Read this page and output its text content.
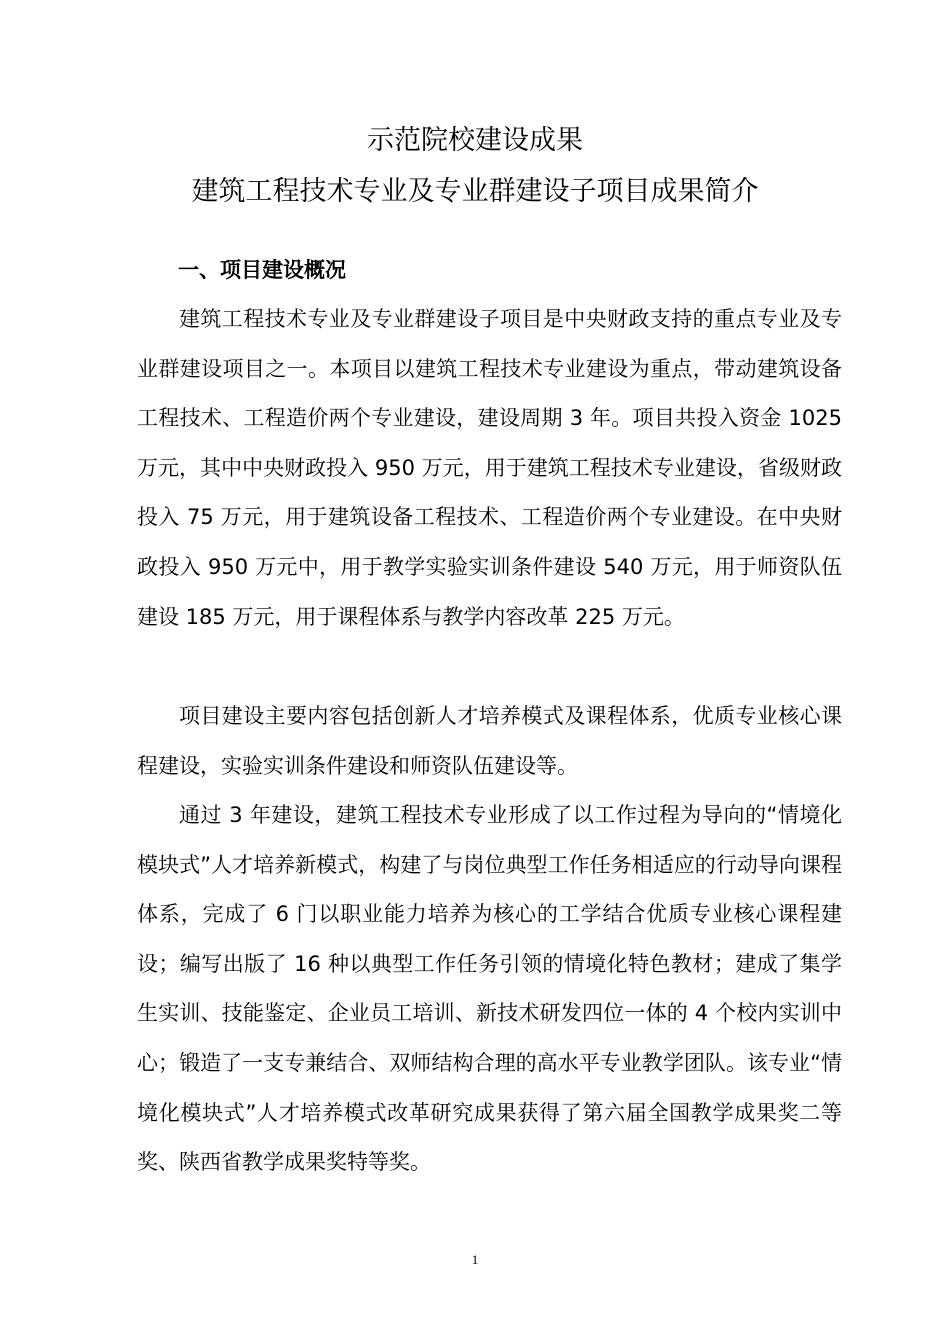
示范院校建设成果
建筑工程技术专业及专业群建设子项目成果简介
一、项目建设概况

建筑工程技术专业及专业群建设子项目是中央财政支持的重点专业及专业群建设项目之一。本项目以建筑工程技术专业建设为重点，带动建筑设备工程技术、工程造价两个专业建设，建设周期 3 年。项目共投入资金 1025 万元，其中中央财政投入 950 万元，用于建筑工程技术专业建设，省级财政投入 75 万元，用于建筑设备工程技术、工程造价两个专业建设。在中央财政投入 950 万元中，用于教学实验实训条件建设 540 万元，用于师资队伍建设 185 万元，用于课程体系与教学内容改革 225 万元。

项目建设主要内容包括创新人才培养模式及课程体系，优质专业核心课程建设，实验实训条件建设和师资队伍建设等。

通过 3 年建设，建筑工程技术专业形成了以工作过程为导向的“情境化模块式”人才培养新模式，构建了与岗位典型工作任务相适应的行动导向课程体系，完成了 6 门以职业能力培养为核心的工学结合优质专业核心课程建设；编写出版了 16 种以典型工作任务引领的情境化特色教材；建成了集学生实训、技能鉴定、企业员工培训、新技术研发四位一体的 4 个校内实训中心；锻造了一支专兼结合、双师结构合理的高水平专业教学团队。该专业“情境化模块式”人才培养模式改革研究成果获得了第六届全国教学成果奖二等奖、陕西省教学成果奖特等奖。

1
